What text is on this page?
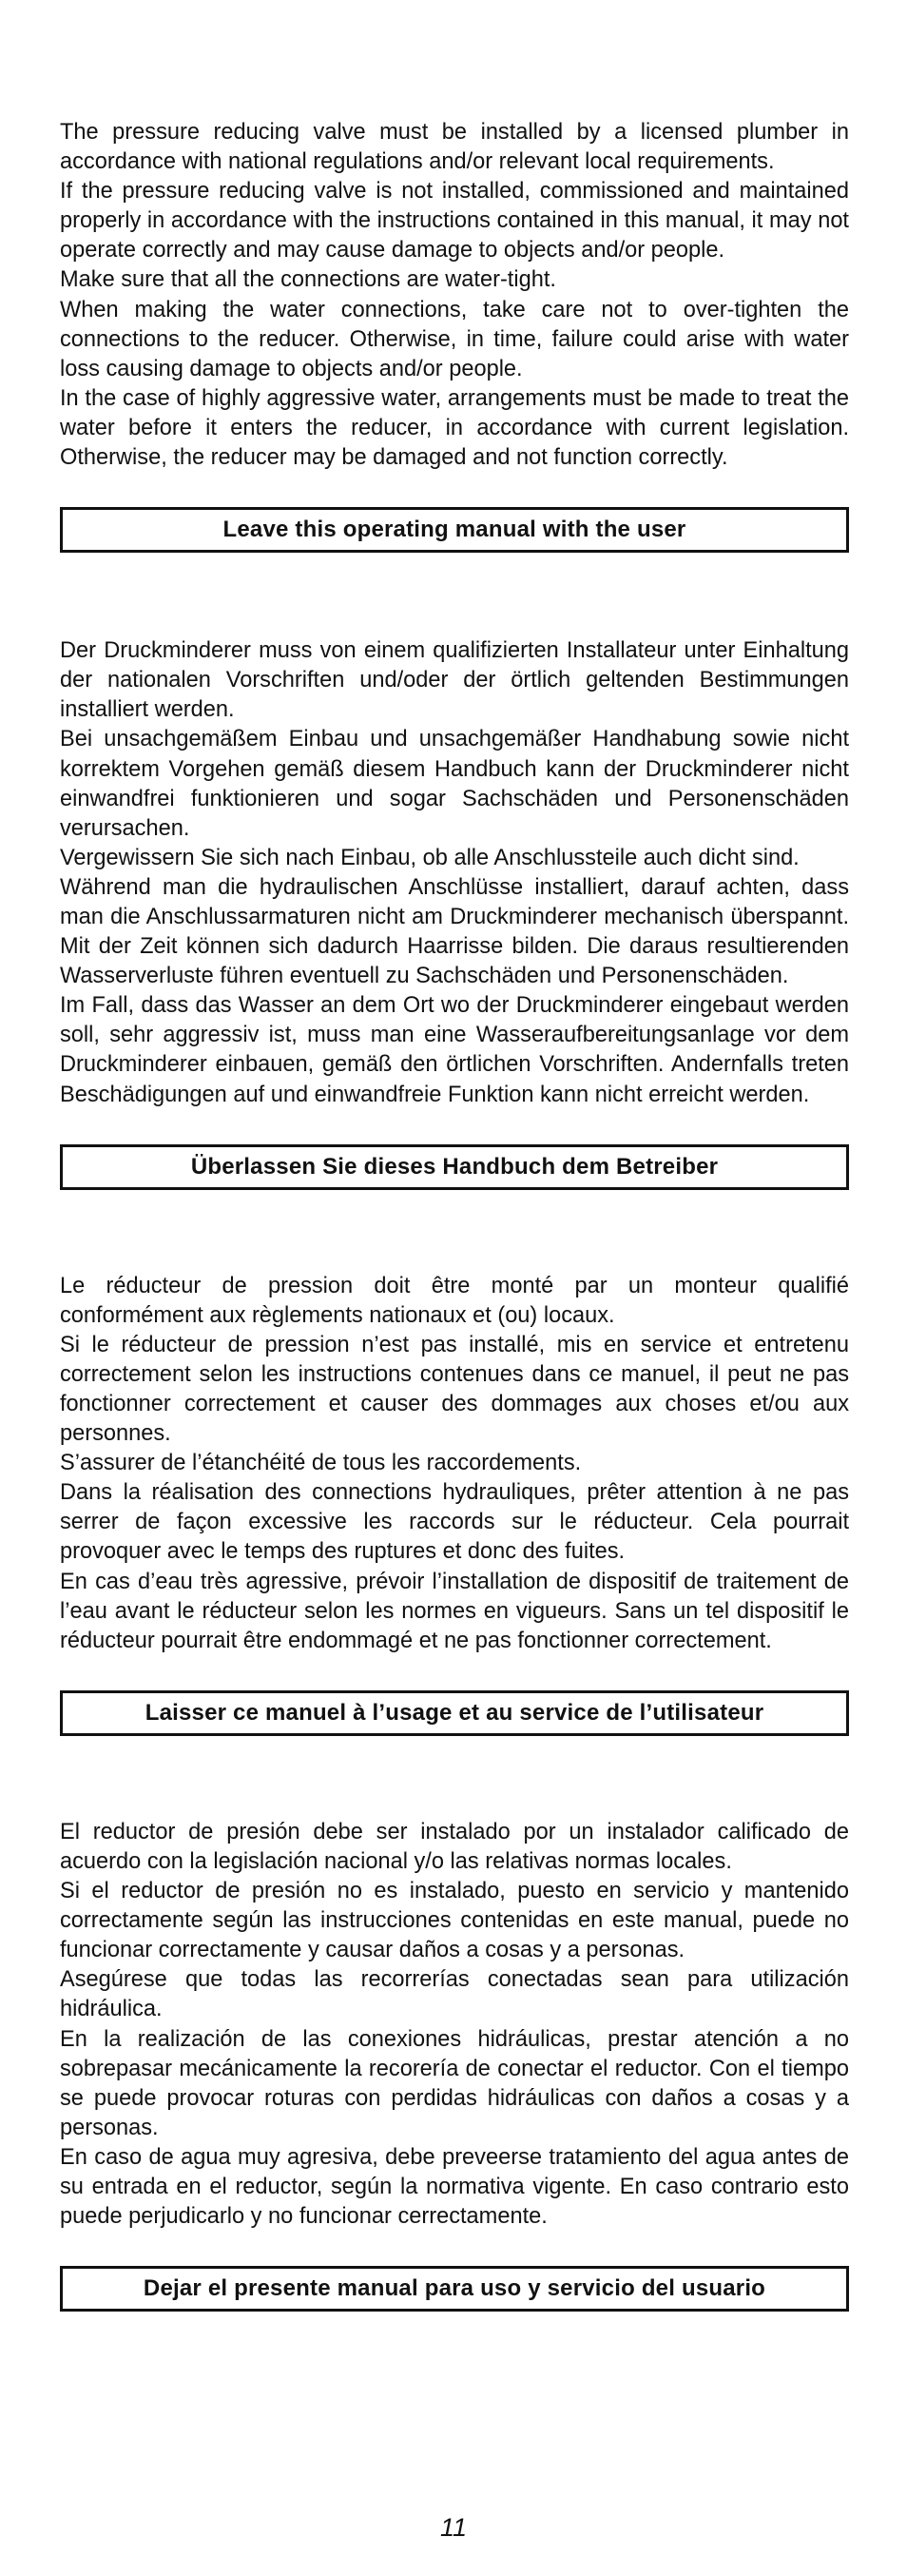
The pressure reducing valve must be installed by a licensed plumber in accordance with national regulations and/or relevant local requirements.

If the pressure reducing valve is not installed, commissioned and maintained properly in accordance with the instructions contained in this manual, it may not operate correctly and may cause damage to objects and/or people.

Make sure that all the connections are water-tight.

When making the water connections, take care not to over-tighten the connections to the reducer. Otherwise, in time, failure could arise with water loss causing damage to objects and/or people.

In the case of highly aggressive water, arrangements must be made to treat the water before it enters the reducer, in accordance with current legislation. Otherwise, the reducer may be damaged and not function correctly.

Leave this operating manual with the user

Der Druckminderer muss von einem qualifizierten Installateur unter Einhaltung der nationalen Vorschriften und/oder der örtlich geltenden Bestimmungen installiert werden.

Bei unsachgemäßem Einbau und unsachgemäßer Handhabung sowie nicht korrektem Vorgehen gemäß diesem Handbuch kann der Druckminderer nicht einwandfrei funktionieren und sogar Sachschäden und Personenschäden verursachen.

Vergewissern Sie sich nach Einbau, ob alle Anschlussteile auch dicht sind.

Während man die hydraulischen Anschlüsse installiert, darauf achten, dass man die Anschlussarmaturen nicht am Druckminderer mechanisch überspannt. Mit der Zeit können sich dadurch Haarrisse bilden. Die daraus resultierenden Wasserverluste führen eventuell zu Sachschäden und Personenschäden.

Im Fall, dass das Wasser an dem Ort wo der Druckminderer eingebaut werden soll, sehr aggressiv ist, muss man eine Wasseraufbereitungsanlage vor dem Druckminderer einbauen, gemäß den örtlichen Vorschriften. Andernfalls treten Beschädigungen auf und einwandfreie Funktion kann nicht erreicht werden.

Überlassen Sie dieses Handbuch dem Betreiber

Le réducteur de pression doit être monté par un monteur qualifié conformément aux règlements nationaux et (ou) locaux.

Si le réducteur de pression n’est pas installé, mis en service et entretenu correctement selon les instructions contenues dans ce manuel, il peut ne pas fonctionner correctement et causer des dommages aux choses et/ou aux personnes.

S’assurer de l’étanchéité de tous les raccordements.

Dans la réalisation des connections hydrauliques, prêter attention à ne pas serrer de façon excessive les raccords sur le réducteur. Cela pourrait provoquer avec le temps des ruptures et donc des fuites.

En cas d’eau très agressive, prévoir l’installation de dispositif de traitement de l’eau avant le réducteur selon les normes en vigueurs. Sans un tel dispositif le réducteur pourrait être endommagé et ne pas fonctionner correctement.

Laisser ce manuel à l’usage et au service de l’utilisateur

El reductor de presión debe ser instalado por un instalador calificado de acuerdo con la legislación nacional y/o las relativas normas locales.

Si el reductor de presión no es instalado, puesto en servicio y mantenido correctamente según las instrucciones contenidas en este manual, puede no funcionar correctamente y causar daños a cosas y a personas.

Asegúrese que todas las recorrerías conectadas sean para utilización hidráulica.

En la realización de las conexiones hidráulicas, prestar atención a no sobrepasar mecánicamente la recorería de conectar el reductor. Con el tiempo se puede provocar roturas con perdidas hidráulicas con daños a cosas y a personas.

En caso de agua muy agresiva, debe preveerse tratamiento del agua antes de su entrada en el reductor, según la normativa vigente. En caso contrario esto puede perjudicarlo y no funcionar cerrectamente.

Dejar el presente manual para uso y servicio del usuario
11
